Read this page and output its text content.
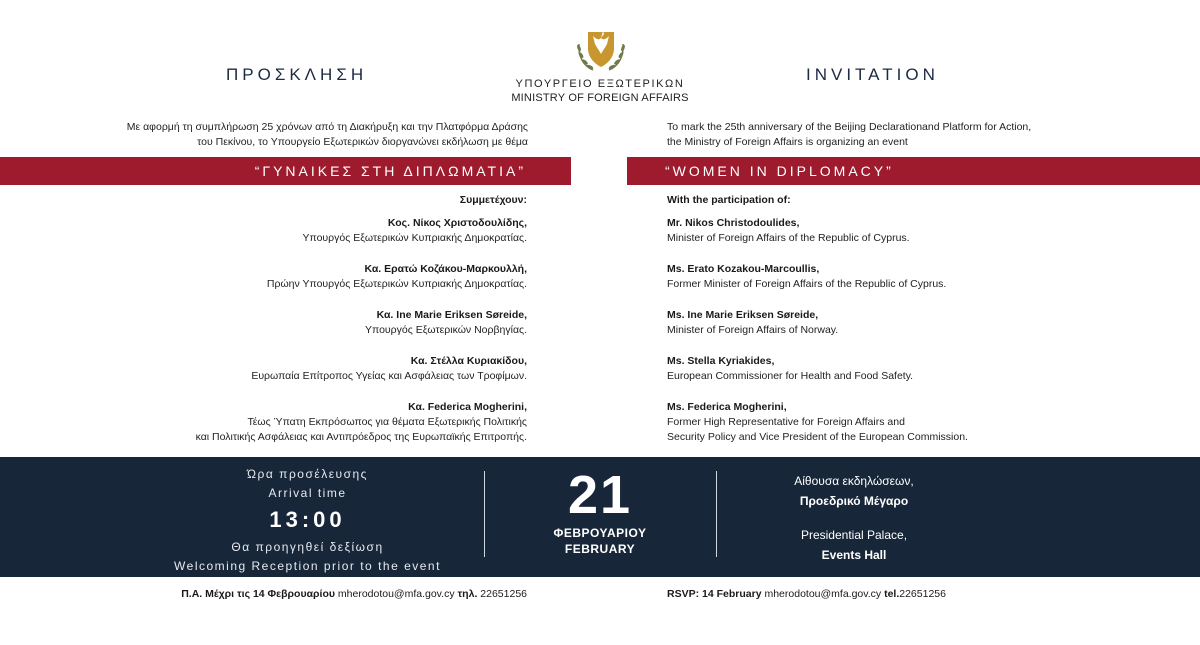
ΥΠΟΥΡΓΕΙΟ ΕΞΩΤΕΡΙΚΩΝ
MINISTRY OF FOREIGN AFFAIRS
ΠΡΟΣΚΛΗΣΗ	INVITATION
Με αφορμή τη συμπλήρωση 25 χρόνων από τη Διακήρυξη και την Πλατφόρμα Δράσης
του Πεκίνου, το Υπουργείο Εξωτερικών διοργανώνει εκδήλωση με θέμα
To mark the 25th anniversary of the Beijing Declarationand Platform for Action,
the Ministry of Foreign Affairs is organizing an event
“ΓΥΝΑΙΚΕΣ ΣΤΗ ΔΙΠΛΩΜΑΤΙΑ”	“WOMEN IN DIPLOMACY”
Συμμετέχουν:
Κος. Νίκος Χριστοδουλίδης,
Υπουργός Εξωτερικών Κυπριακής Δημοκρατίας.
Κα. Ερατώ Κοζάκου-Μαρκουλλή,
Πρώην Υπουργός Εξωτερικών Κυπριακής Δημοκρατίας.
Κα. Ine Marie Eriksen Søreide,
Υπουργός Εξωτερικών Νορβηγίας.
Κα. Στέλλα Κυριακίδου,
Ευρωπαία Επίτροπος Υγείας και Ασφάλειας των Τροφίμων.
Κα. Federica Mogherini,
Τέως Ύπατη Εκπρόσωπος για θέματα Εξωτερικής Πολιτικής
και Πολιτικής Ασφάλειας και Αντιπρόεδρος της Ευρωπαϊκής Επιτροπής.
With the participation of:
Mr. Nikos Christodoulides,
Minister of Foreign Affairs of the Republic of Cyprus.
Ms. Erato Kozakou-Marcoullis,
Former Minister of Foreign Affairs of the Republic of Cyprus.
Ms. Ine Marie Eriksen Søreide,
Minister of Foreign Affairs of Norway.
Ms. Stella Kyriakides,
European Commissioner for Health and Food Safety.
Ms. Federica Mogherini,
Former High Representative for Foreign Affairs and
Security Policy and Vice President of the European Commission.
Ώρα προσέλευσης
Arrival time
13:00
Θα προηγηθεί δεξίωση
Welcoming Reception prior to the event
21
ΦΕΒΡΟΥΑΡΙΟΥ
FEBRUARY
Αίθουσα εκδηλώσεων,
Προεδρικό Μέγαρο
Presidential Palace,
Events Hall
Π.Α. Μέχρι τις 14 Φεβρουαρίου mherodotou@mfa.gov.cy τηλ. 22651256	RSVP: 14 February mherodotou@mfa.gov.cy tel.22651256
